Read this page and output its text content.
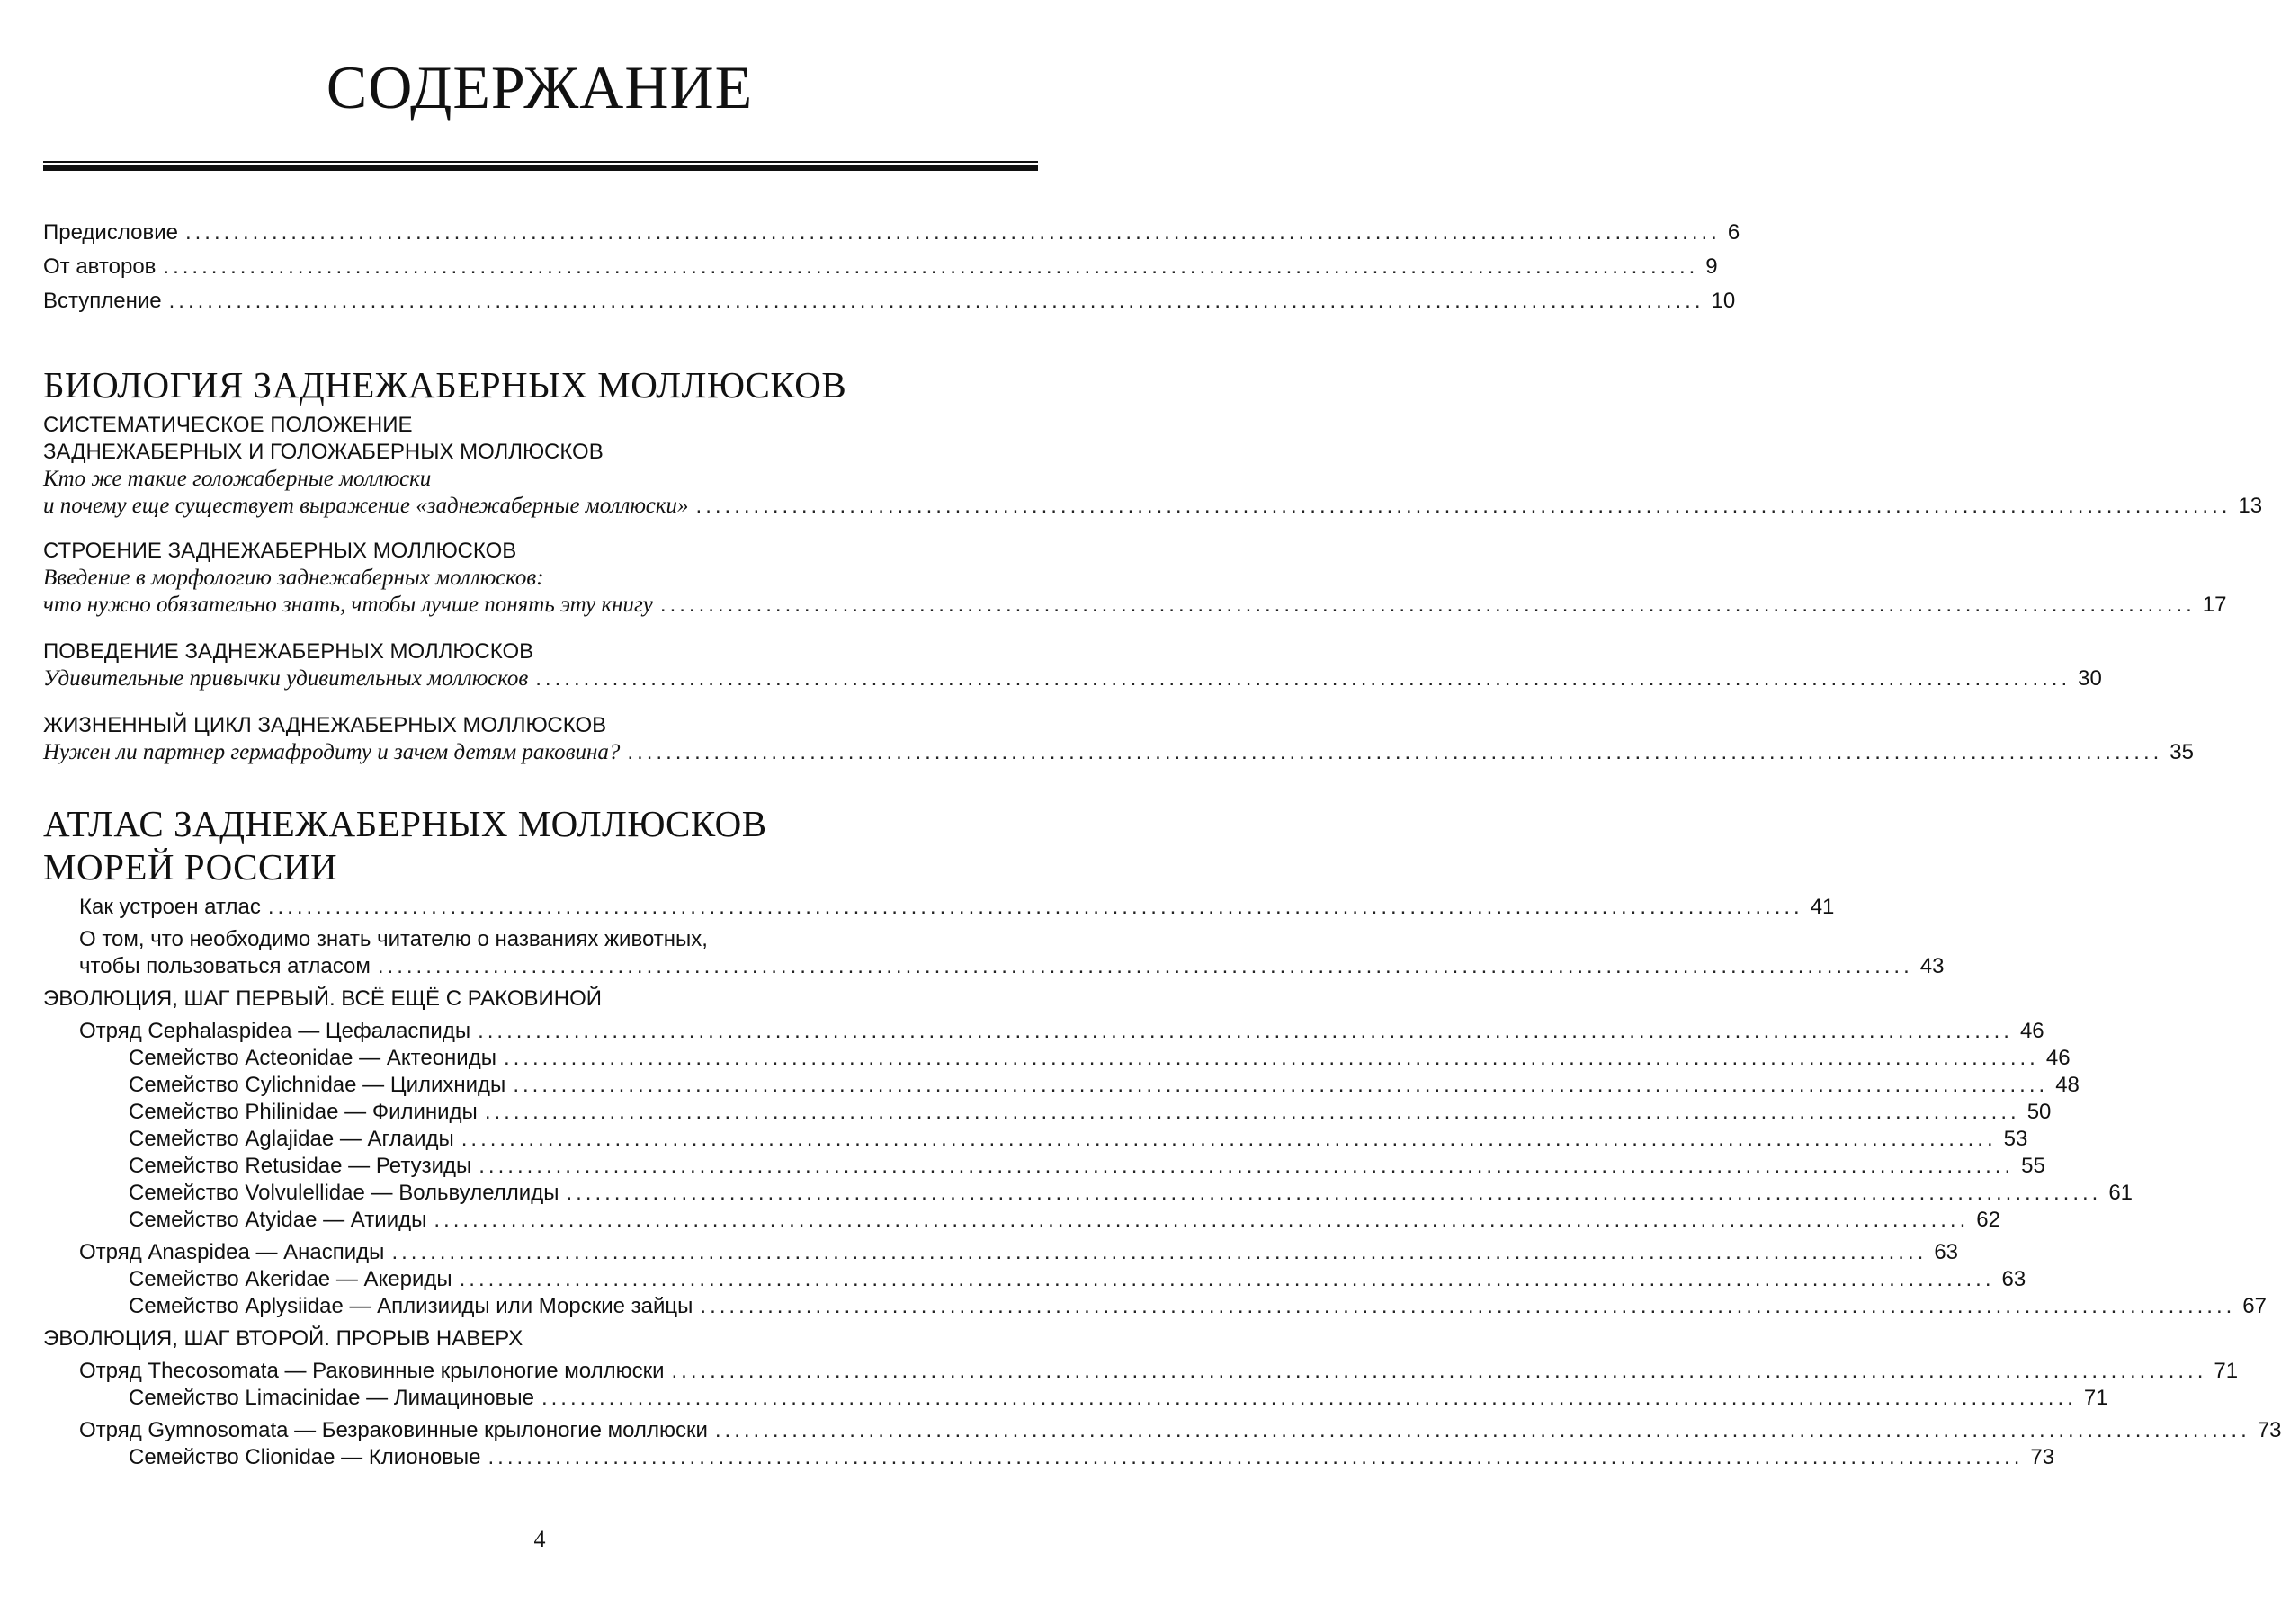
СОДЕРЖАНИЕ
Предисловие ................................................................................................................................................................ 6
От авторов ................................................................................................................................................................ 9
Вступление ................................................................................................................................................................ 10
БИОЛОГИЯ ЗАДНЕЖАБЕРНЫХ МОЛЛЮСКОВ
СИСТЕМАТИЧЕСКОЕ ПОЛОЖЕНИЕ
ЗАДНЕЖАБЕРНЫХ И ГОЛОЖАБЕРНЫХ МОЛЛЮСКОВ
Кто же такие голожаберные моллюски
и почему еще существует выражение «заднежаберные моллюски» ................................................................................................................................................................ 13
СТРОЕНИЕ ЗАДНЕЖАБЕРНЫХ МОЛЛЮСКОВ
Введение в морфологию заднежаберных моллюсков:
что нужно обязательно знать, чтобы лучше понять эту книгу ................................................................................................................................................................ 17
ПОВЕДЕНИЕ ЗАДНЕЖАБЕРНЫХ МОЛЛЮСКОВ
Удивительные привычки удивительных моллюсков ................................................................................................................................................................ 30
ЖИЗНЕННЫЙ ЦИКЛ ЗАДНЕЖАБЕРНЫХ МОЛЛЮСКОВ
Нужен ли партнер гермафродиту и зачем детям раковина? ................................................................................................................................................................ 35
АТЛАС ЗАДНЕЖАБЕРНЫХ МОЛЛЮСКОВ
МОРЕЙ РОССИИ
Как устроен атлас ................................................................................................................................................................ 41
О том, что необходимо знать читателю о названиях животных,
чтобы пользоваться атласом ................................................................................................................................................................ 43
ЭВОЛЮЦИЯ, ШАГ ПЕРВЫЙ. ВСЁ ЕЩЁ С РАКОВИНОЙ
Отряд Cephalaspidea — Цефаласпиды ................................................................................................................................................................ 46
Семейство Acteonidae — Актеониды ................................................................................................................................................................ 46
Семейство Cylichnidae — Цилихниды ................................................................................................................................................................ 48
Семейство Philinidae — Филиниды ................................................................................................................................................................ 50
Семейство Aglajidae — Аглаиды ................................................................................................................................................................ 53
Семейство Retusidae — Ретузиды ................................................................................................................................................................ 55
Семейство Volvulellidae — Вольвулеллиды ................................................................................................................................................................ 61
Семейство Atyidae — Атииды ................................................................................................................................................................ 62
Отряд Anaspidea — Анаспиды ................................................................................................................................................................ 63
Семейство Akeridae — Акериды ................................................................................................................................................................ 63
Семейство Aplysiidae — Аплизииды или Морские зайцы ................................................................................................................................................................ 67
ЭВОЛЮЦИЯ, ШАГ ВТОРОЙ. ПРОРЫВ НАВЕРХ
Отряд Thecosomata — Раковинные крылоногие моллюски ................................................................................................................................................................ 71
Семейство Limacinidae — Лимациновые ................................................................................................................................................................ 71
Отряд Gymnosomata — Безраковинные крылоногие моллюски ................................................................................................................................................................ 73
Семейство Clionidae — Клионовые ................................................................................................................................................................ 73
4
